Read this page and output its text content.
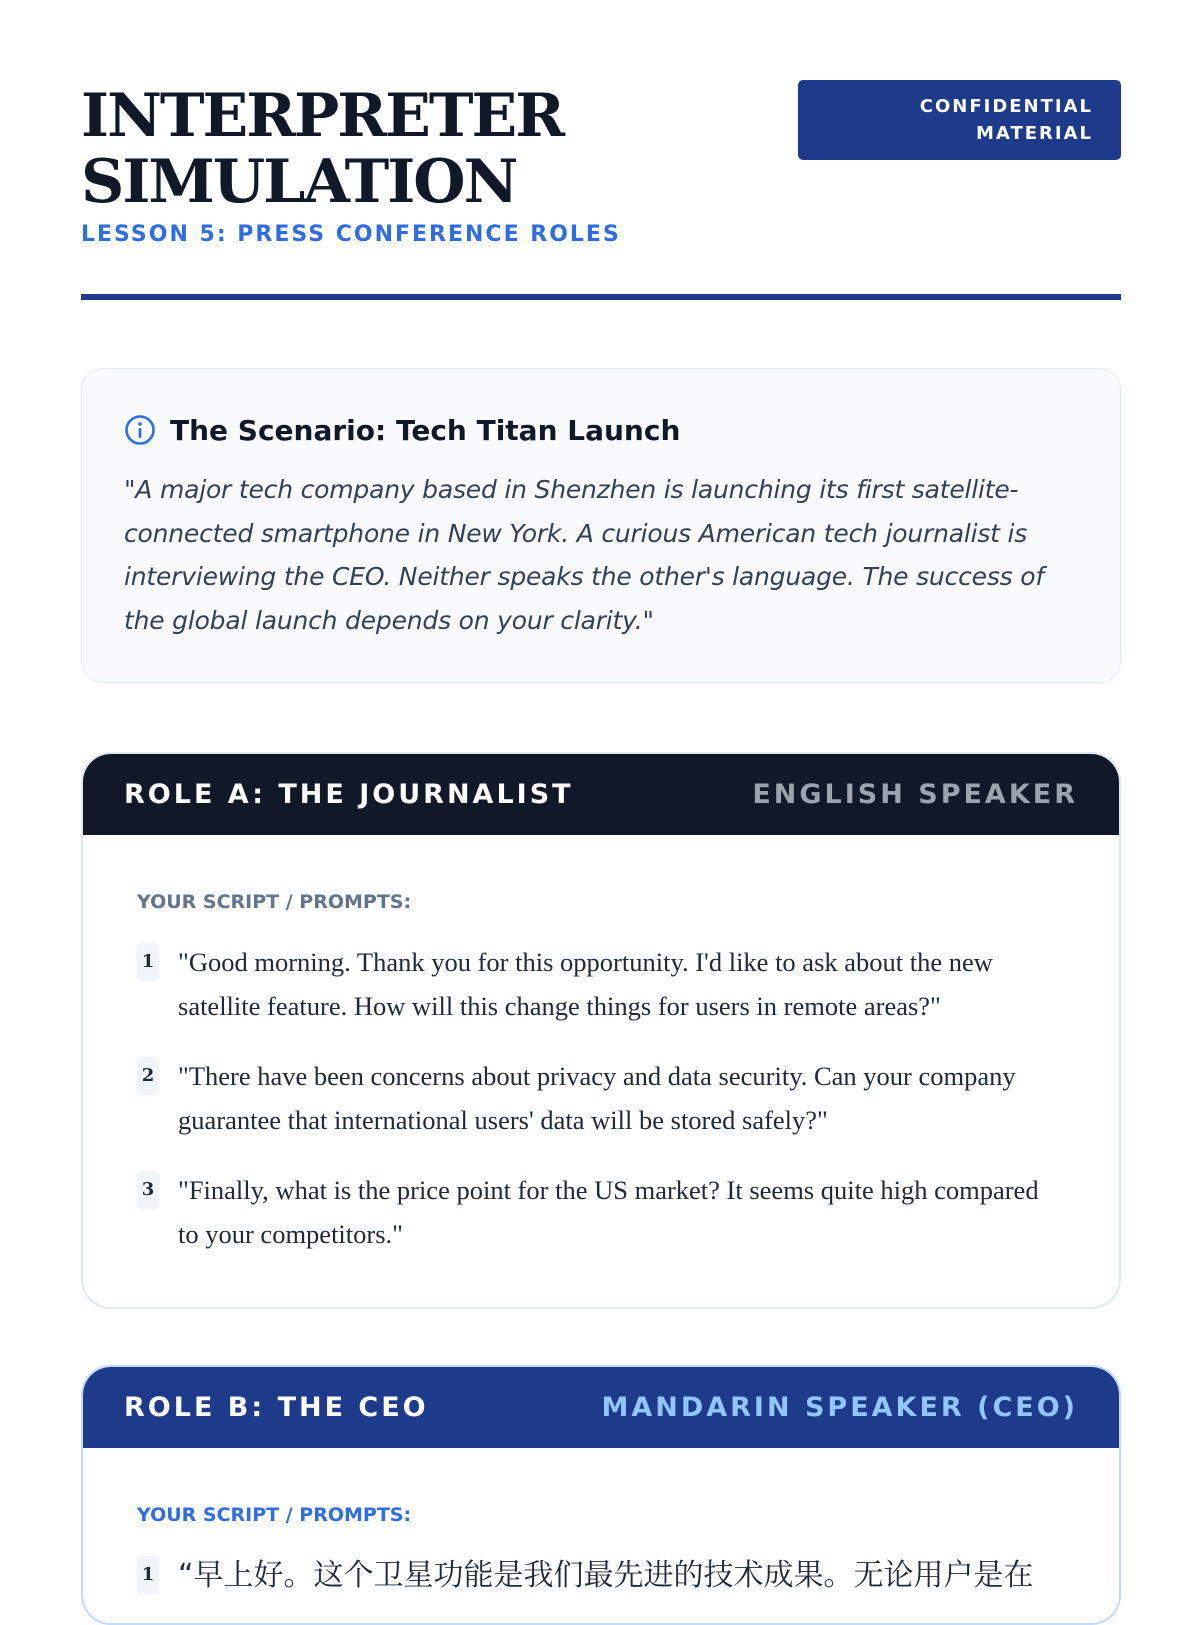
INTERPRETER
SIMULATION
LESSON 5: PRESS CONFERENCE ROLES
CONFIDENTIAL
MATERIAL
The Scenario: Tech Titan Launch
"A major tech company based in Shenzhen is launching its first satellite-connected smartphone in New York. A curious American tech journalist is interviewing the CEO. Neither speaks the other's language. The success of the global launch depends on your clarity."
ROLE A: THE JOURNALIST	ENGLISH SPEAKER
YOUR SCRIPT / PROMPTS:
1 "Good morning. Thank you for this opportunity. I'd like to ask about the new satellite feature. How will this change things for users in remote areas?"
2 "There have been concerns about privacy and data security. Can your company guarantee that international users' data will be stored safely?"
3 "Finally, what is the price point for the US market? It seems quite high compared to your competitors."
ROLE B: THE CEO	MANDARIN SPEAKER (CEO)
YOUR SCRIPT / PROMPTS:
1 “早上好。这个卫星功能是我们最先进的技术成果。无论用户是在
